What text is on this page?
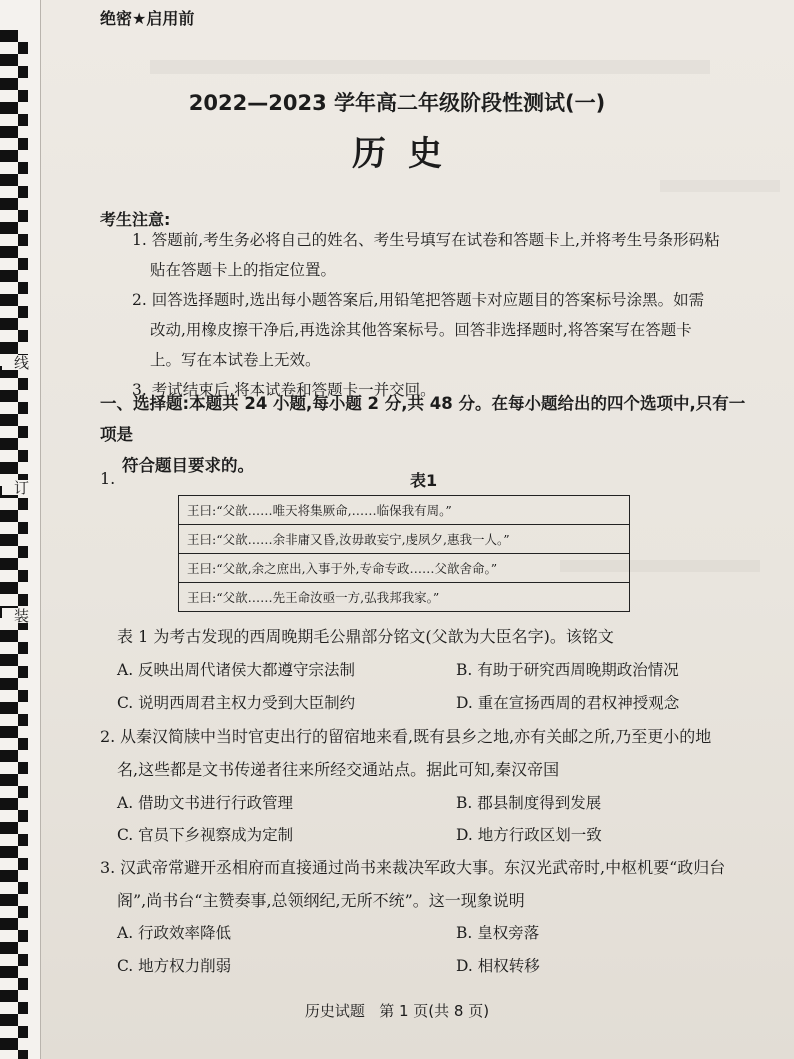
线
订
装
绝密★启用前
2022—2023 学年高二年级阶段性测试(一)
历史
考生注意:
1. 答题前,考生务必将自己的姓名、考生号填写在试卷和答题卡上,并将考生号条形码粘
贴在答题卡上的指定位置。
2. 回答选择题时,选出每小题答案后,用铅笔把答题卡对应题目的答案标号涂黑。如需
改动,用橡皮擦干净后,再选涂其他答案标号。回答非选择题时,将答案写在答题卡
上。写在本试卷上无效。
3. 考试结束后,将本试卷和答题卡一并交回。
一、选择题:本题共 24 小题,每小题 2 分,共 48 分。在每小题给出的四个选项中,只有一项是
符合题目要求的。
1.	表1
王曰:“父歆……唯天将集厥命,……临保我有周。”
王曰:“父歆……余非庸又昏,汝毋敢妄宁,虔夙夕,惠我一人。”
王曰:“父歆,余之庶出,入事于外,专命专政……父歆舍命。”
王曰:“父歆……先王命汝亟一方,弘我邦我家。”
表 1 为考古发现的西周晚期毛公鼎部分铭文(父歆为大臣名字)。该铭文
A. 反映出周代诸侯大都遵守宗法制	B. 有助于研究西周晚期政治情况
C. 说明西周君主权力受到大臣制约	D. 重在宣扬西周的君权神授观念
2. 从秦汉简牍中当时官吏出行的留宿地来看,既有县乡之地,亦有关邮之所,乃至更小的地
名,这些都是文书传递者往来所经交通站点。据此可知,秦汉帝国
A. 借助文书进行行政管理	B. 郡县制度得到发展
C. 官员下乡视察成为定制	D. 地方行政区划一致
3. 汉武帝常避开丞相府而直接通过尚书来裁决军政大事。东汉光武帝时,中枢机要“政归台
阁”,尚书台“主赞奏事,总领纲纪,无所不统”。这一现象说明
A. 行政效率降低	B. 皇权旁落
C. 地方权力削弱	D. 相权转移
历史试题   第 1 页(共 8 页)
